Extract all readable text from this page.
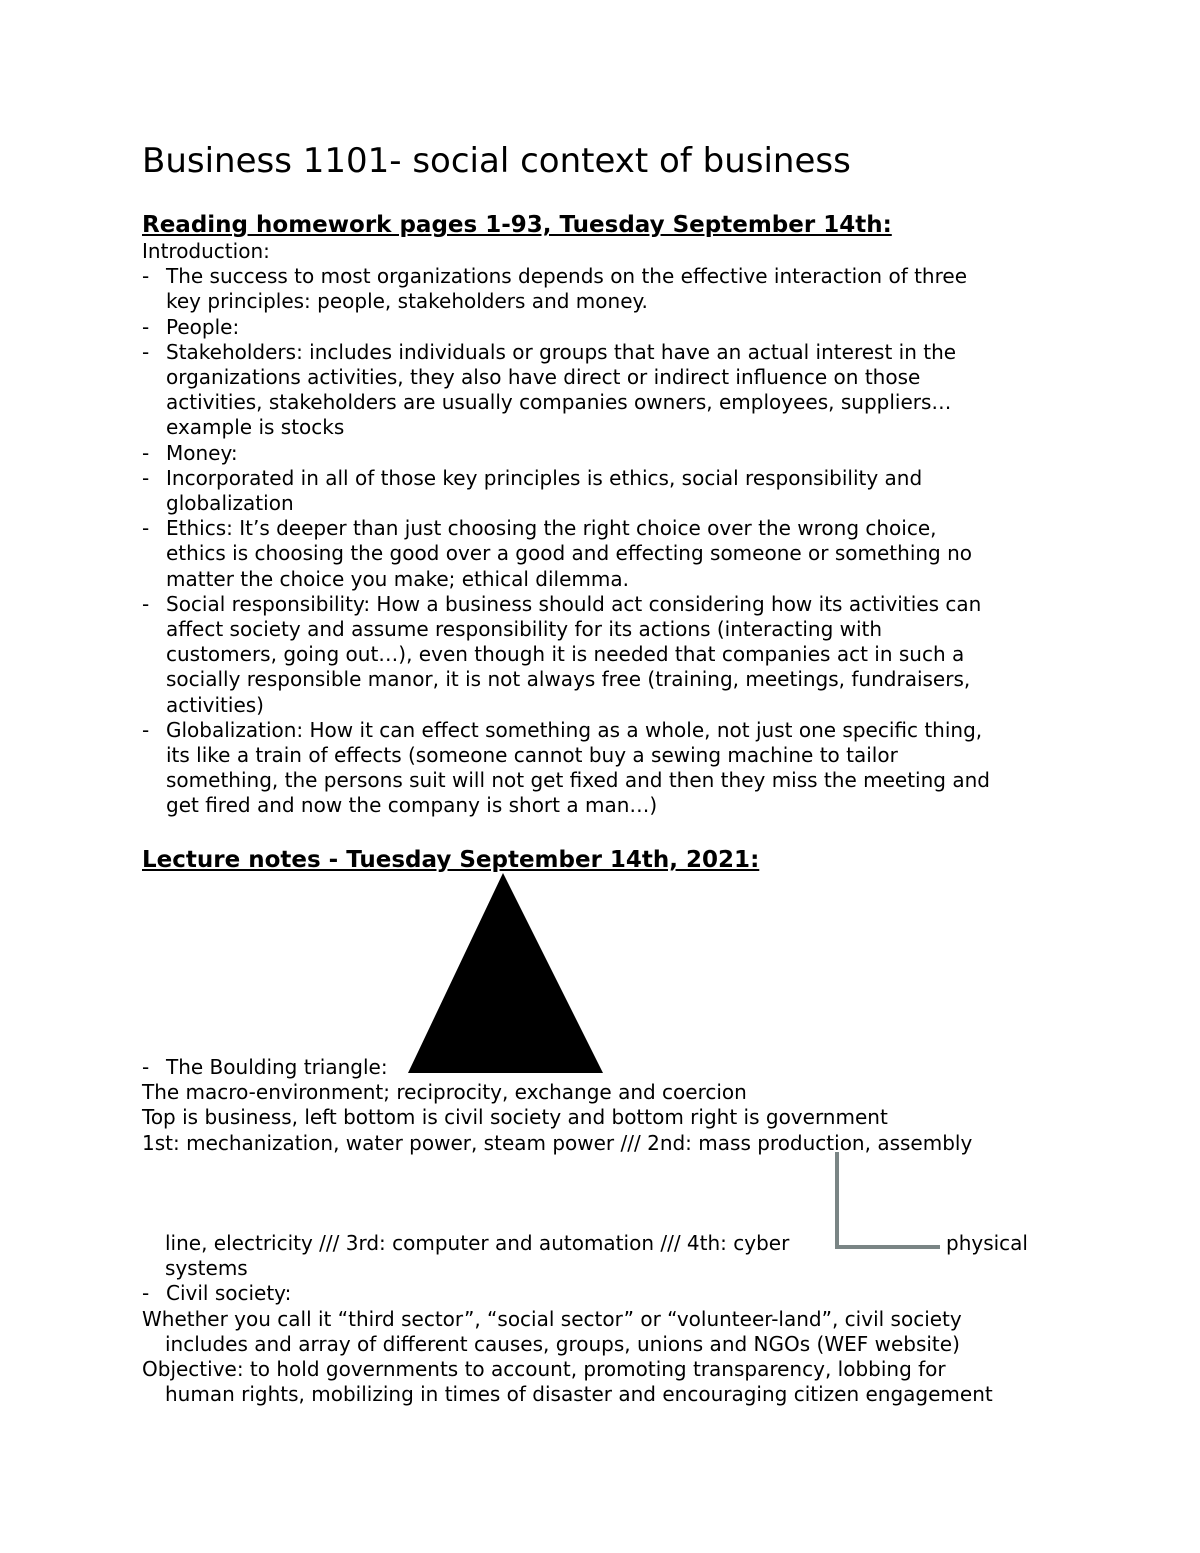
Business 1101- social context of business
Reading homework pages 1-93, Tuesday September 14th:
Introduction:
- The success to most organizations depends on the effective interaction of three
key principles: people, stakeholders and money.
- People:
- Stakeholders: includes individuals or groups that have an actual interest in the
organizations activities, they also have direct or indirect influence on those
activities, stakeholders are usually companies owners, employees, suppliers…
example is stocks
- Money:
- Incorporated in all of those key principles is ethics, social responsibility and
globalization
- Ethics: It’s deeper than just choosing the right choice over the wrong choice,
ethics is choosing the good over a good and effecting someone or something no
matter the choice you make; ethical dilemma.
- Social responsibility: How a business should act considering how its activities can
affect society and assume responsibility for its actions (interacting with
customers, going out…), even though it is needed that companies act in such a
socially responsible manor, it is not always free (training, meetings, fundraisers,
activities)
- Globalization: How it can effect something as a whole, not just one specific thing,
its like a train of effects (someone cannot buy a sewing machine to tailor
something, the persons suit will not get fixed and then they miss the meeting and
get fired and now the company is short a man…)
Lecture notes - Tuesday September 14th, 2021:
- The Boulding triangle:
The macro-environment; reciprocity, exchange and coercion
Top is business, left bottom is civil society and bottom right is government
1st: mechanization, water power, steam power /// 2nd: mass production, assembly
line, electricity /// 3rd: computer and automation /// 4th: cyber	physical
systems
- Civil society:
Whether you call it “third sector”, “social sector” or “volunteer-land”, civil society
includes and array of different causes, groups, unions and NGOs (WEF website)
Objective: to hold governments to account, promoting transparency, lobbing for
human rights, mobilizing in times of disaster and encouraging citizen engagement
